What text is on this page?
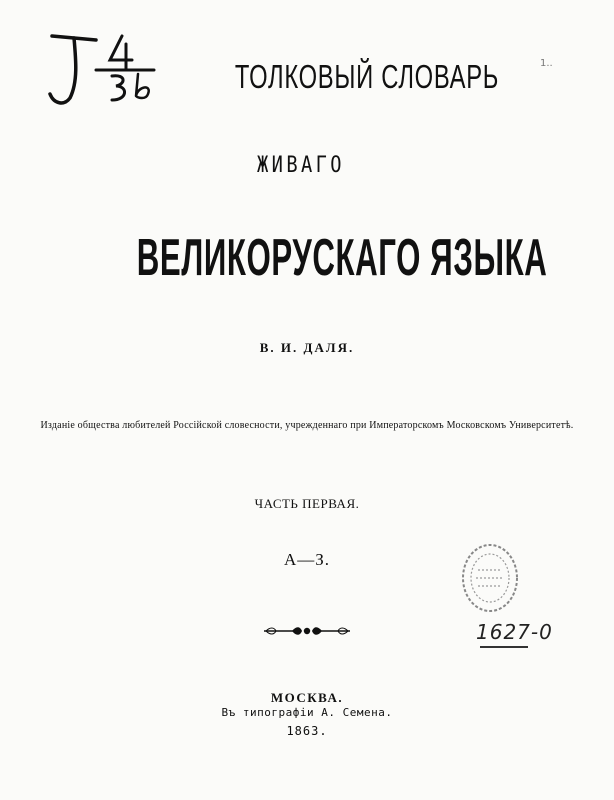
1..
ТОЛКОВЫЙ СЛОВАРЬ
ЖИВАГО
ВЕЛИКОРУСКАГО ЯЗЫКА
В. И. ДАЛЯ.
Изданіе общества любителей Россійской словесности, учрежденнаго при Императорскомъ Московскомъ Университетѣ.
ЧАСТЬ ПЕРВАЯ.
А—З.
1627-0
МОСКВА.
Въ типографіи А. Семена.
1863.
